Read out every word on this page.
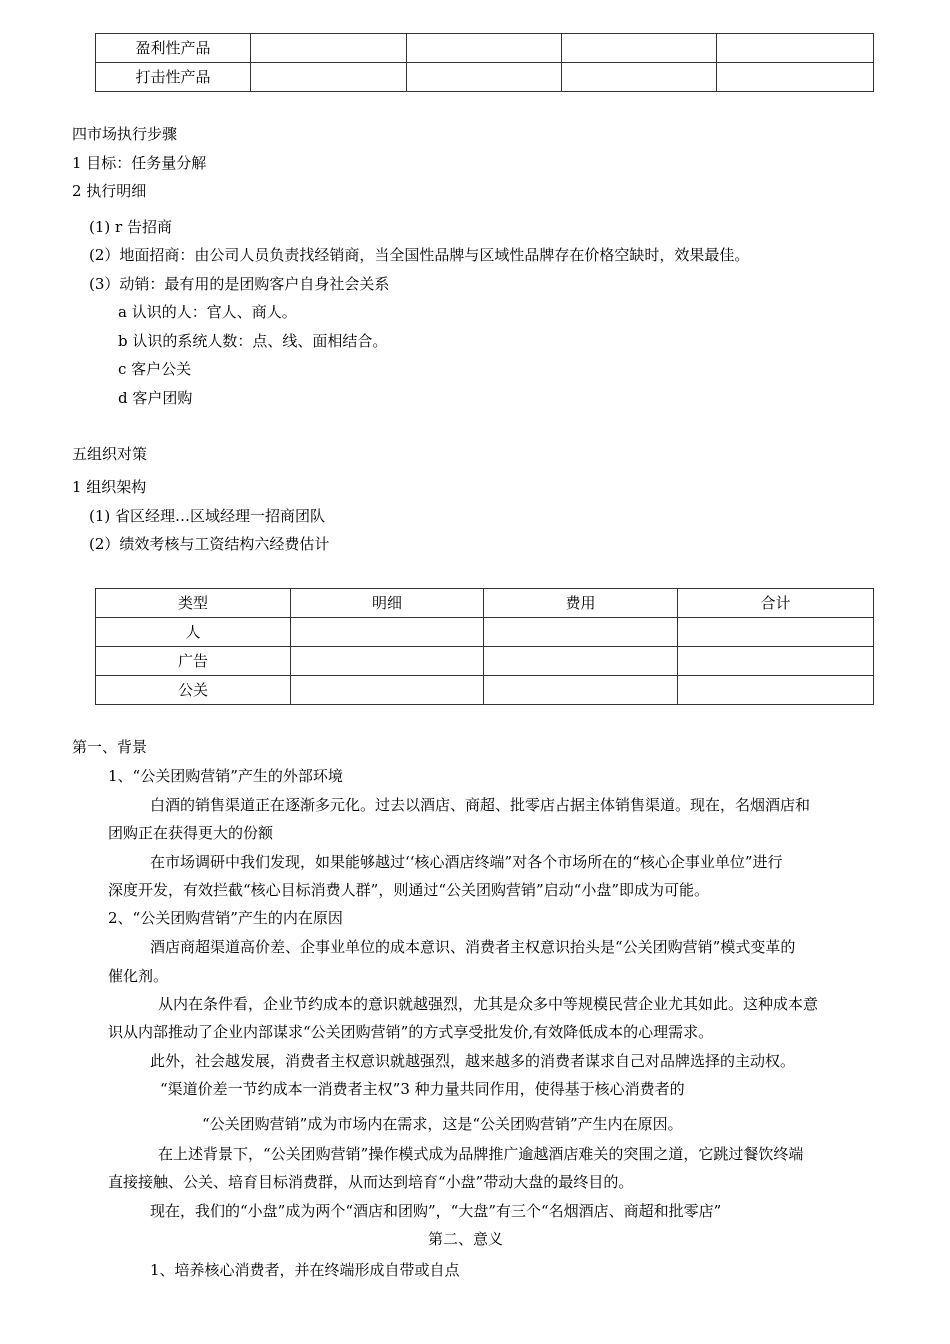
盈利性产品				
打击性产品				
四市场执行步骤
1 目标：任务量分解
2 执行明细
(1) r 告招商
(2）地面招商：由公司人员负责找经销商，当全国性品牌与区域性品牌存在价格空缺时，效果最佳。
(3）动销：最有用的是团购客户自身社会关系
a 认识的人：官人、商人。
b 认识的系统人数：点、线、面相结合。
c 客户公关
d 客户团购
五组织对策
1 组织架构
(1) 省区经理…区域经理一招商团队
(2）绩效考核与工资结构六经费估计
类型	明细	费用	合计
人			
广告			
公关			
第一、背景
1、“公关团购营销”产生的外部环境
白酒的销售渠道正在逐渐多元化。过去以酒店、商超、批零店占据主体销售渠道。现在，名烟酒店和
团购正在获得更大的份额
在市场调研中我们发现，如果能够越过‘‘核心酒店终端”对各个市场所在的“核心企事业单位”进行
深度开发，有效拦截“核心目标消费人群”，则通过“公关团购营销”启动“小盘”即成为可能。
2、“公关团购营销”产生的内在原因
酒店商超渠道高价差、企事业单位的成本意识、消费者主权意识抬头是“公关团购营销”模式变革的
催化剂。
从内在条件看，企业节约成本的意识就越强烈，尤其是众多中等规模民营企业尤其如此。这种成本意
识从内部推动了企业内部谋求“公关团购营销”的方式享受批发价,有效降低成本的心理需求。
此外，社会越发展，消费者主权意识就越强烈，越来越多的消费者谋求自己对品牌选择的主动权。
“渠道价差一节约成本一消费者主权”3 种力量共同作用，使得基于核心消费者的
“公关团购营销”成为市场内在需求，这是“公关团购营销”产生内在原因。
在上述背景下，“公关团购营销”操作模式成为品牌推广逾越酒店难关的突围之道，它跳过餐饮终端
直接接触、公关、培育目标消费群，从而达到培育“小盘”带动大盘的最终目的。
现在，我们的“小盘”成为两个“酒店和团购”，“大盘”有三个“名烟酒店、商超和批零店”
第二、意义
1、培养核心消费者，并在终端形成自带或自点
